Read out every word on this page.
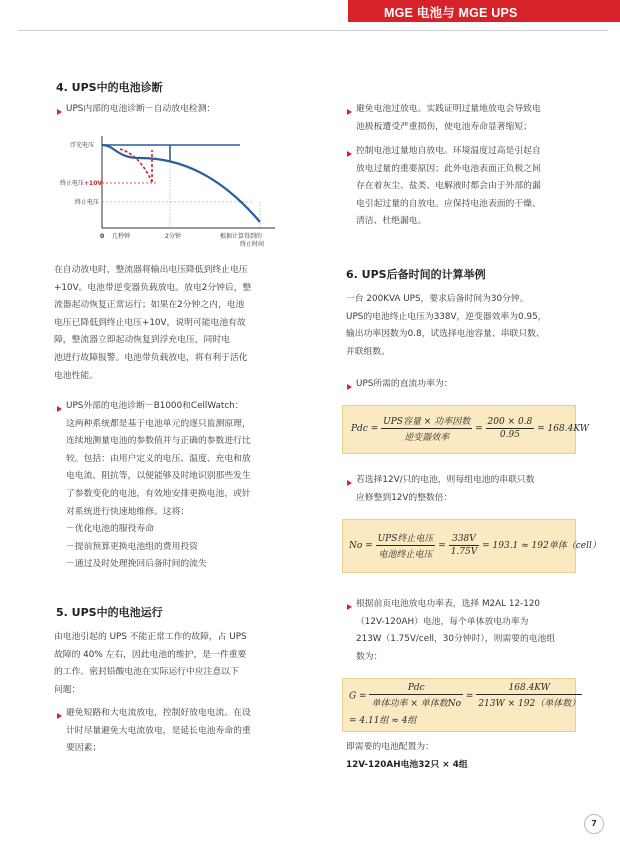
MGE 电池与 MGE UPS
4. UPS中的电池诊断
UPS内部的电池诊断－自动放电检测：
浮充电压
终止电压+10V
终止电压
0 几秒钟	2分钟	根据计算得到的
终止时间
在自动放电时，整流器将输出电压降低到终止电压
+10V。电池带逆变器负载放电。放电2分钟后，整
流器起动恢复正常运行；如果在2分钟之内，电池
电压已降低到终止电压+10V，说明可能电池有故
障，整流器立即起动恢复到浮充电压，同时电
池进行故障报警。电池带负载放电，将有利于活化
电池性能。
UPS外部的电池诊断－B1000和CellWatch：
这两种系统都是基于电池单元的逐只监测原理，
连续地测量电池的参数值并与正确的参数进行比
较。包括：由用户定义的电压、温度、充电和放
电电流、阻抗等，以便能够及时地识别那些发生
了参数变化的电池，有效地安排更换电池，或针
对系统进行快速地维修。这将：
－优化电池的服役寿命
－提前预算更换电池组的费用投资
－通过及时处理挽回后备时间的流失
5. UPS中的电池运行
由电池引起的 UPS 不能正常工作的故障，占 UPS
故障的 40% 左右，因此电池的维护，是一件重要
的工作。密封铅酸电池在实际运行中应注意以下
问题：
避免短路和大电流放电，控制好放电电流。在设
计时尽量避免大电流放电，是延长电池寿命的重
要因素；
避免电池过放电。实践证明过量地放电会导致电
池极板遭受严重损伤，使电池寿命显著缩短；
控制电池过量地自放电。环境温度过高是引起自
放电过量的重要原因；此外电池表面正负极之间
存在着灰尘、盐类、电解液时都会由于外部的漏
电引起过量的自放电。应保持电池表面的干燥、
清洁、杜绝漏电。
6. UPS后备时间的计算举例
一台 200KVA UPS，要求后备时间为30分钟。
UPS的电池终止电压为338V，逆变器效率为0.95，
输出功率因数为0.8，试选择电池容量、串联只数、
并联组数。
UPS所需的直流功率为：
Pdc = $\frac{\text{UPS容量 × 功率因数}}{\text{逆变器效率}} = \frac{200 \times 0.8}{0.95} = 168.4KW$
若选择12V/只的电池，则每组电池的串联只数
应修整到12V的整数倍：
$No = \frac{\text{UPS终止电压}}{\text{电池终止电压}} = \frac{338V}{1.75V} = 193.1 \approx 192$单体（cell）
根据前页电池放电功率表，选择 M2AL 12-120
（12V-120AH）电池，每个单体放电功率为
213W（1.75V/cell，30分钟时），则需要的电池组
数为：
$G = \frac{\text{Pdc}}{\text{单体功率 × 单体数No}} = \frac{168.4KW}{\text{213W × 192（单体数）}}$
= 4.11组 ≈ 4组
即需要的电池配置为：
12V-120AH电池32只 × 4组
7
